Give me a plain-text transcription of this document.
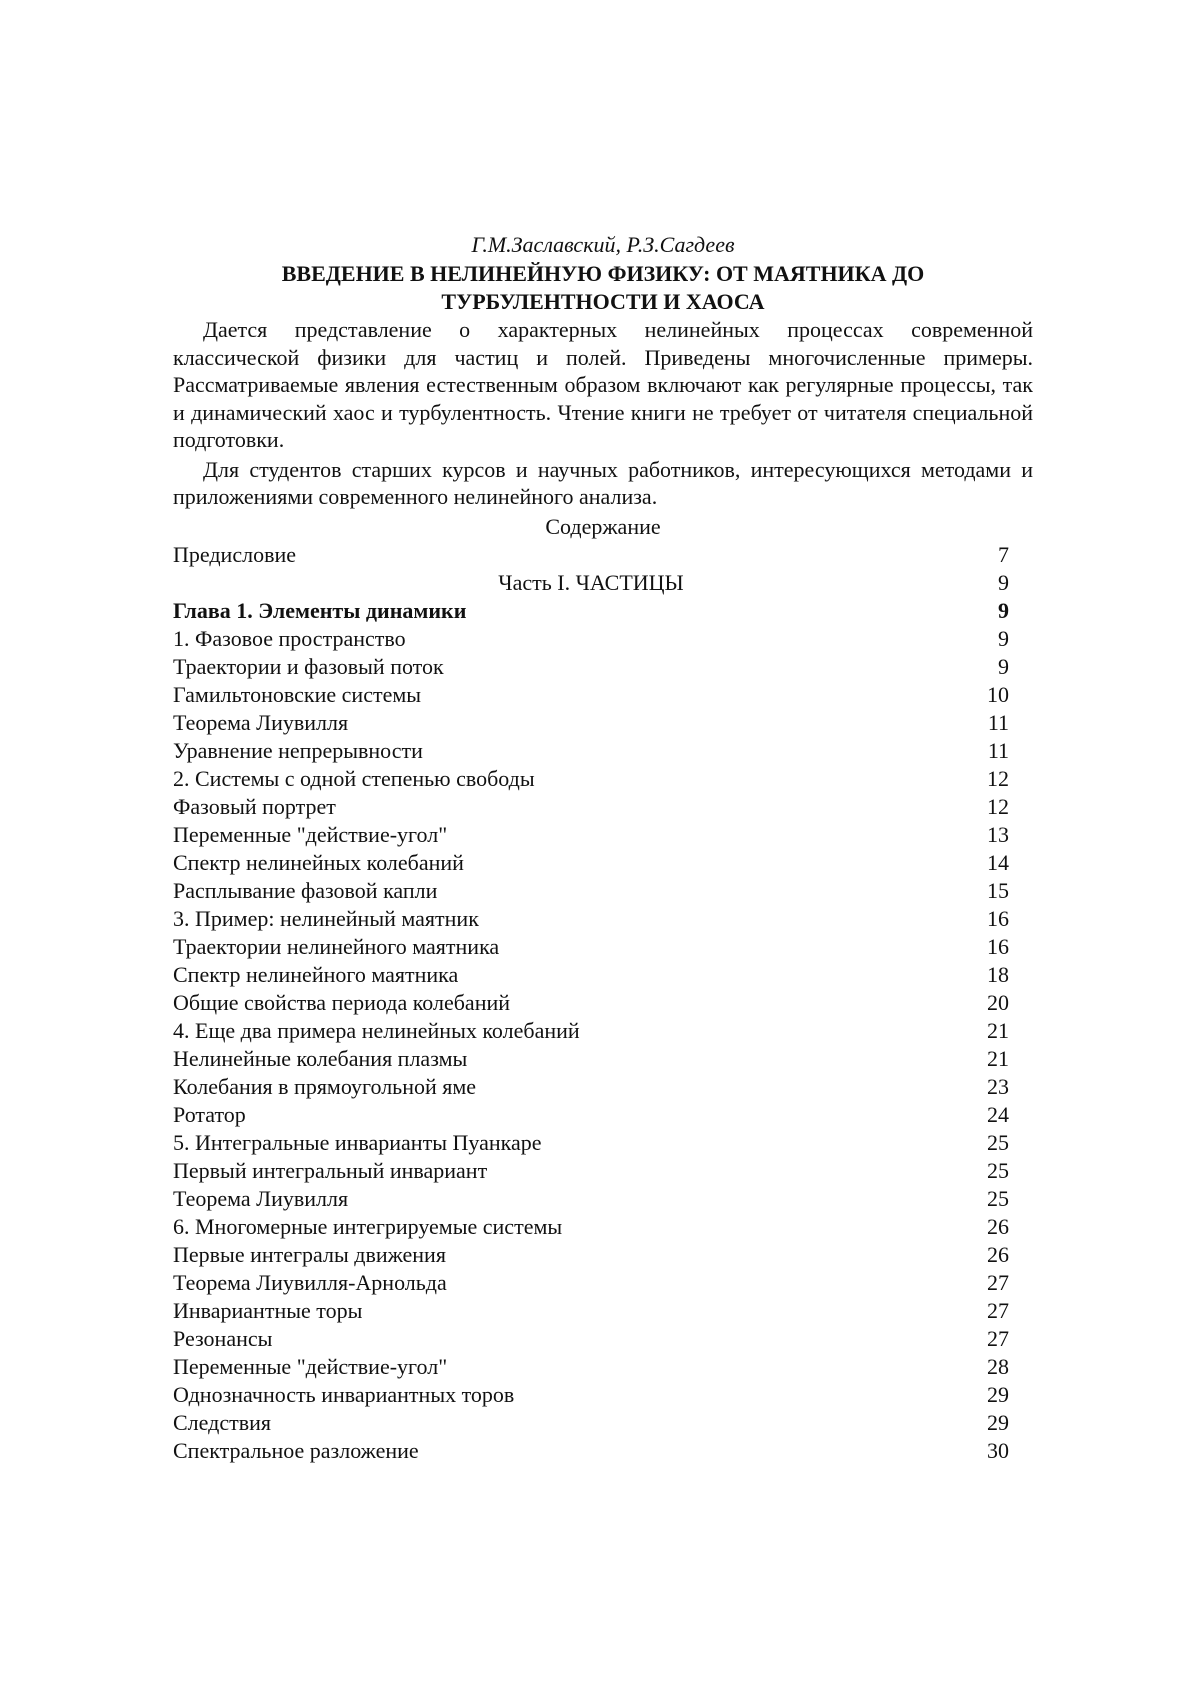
Г.М.Заславский, Р.З.Сагдеев

ВВЕДЕНИЕ В НЕЛИНЕЙНУЮ ФИЗИКУ: ОТ МАЯТНИКА ДО
ТУРБУЛЕНТНОСТИ И ХАОСА

Дается представление о характерных нелинейных процессах современной классической физики для частиц и полей. Приведены многочисленные примеры. Рассматриваемые явления естественным образом включают как регулярные процессы, так и динамический хаос и турбулентность. Чтение книги не требует от читателя специальной подготовки.

Для студентов старших курсов и научных работников, интересующихся методами и приложениями современного нелинейного анализа.

Содержание
Предисловие	7
Часть I. ЧАСТИЦЫ	9
Глава 1. Элементы динамики	9
1. Фазовое пространство	9
Траектории и фазовый поток	9
Гамильтоновские системы	10
Теорема Лиувилля	11
Уравнение непрерывности	11
2. Системы с одной степенью свободы	12
Фазовый портрет	12
Переменные "действие-угол"	13
Спектр нелинейных колебаний	14
Расплывание фазовой капли	15
3. Пример: нелинейный маятник	16
Траектории нелинейного маятника	16
Спектр нелинейного маятника	18
Общие свойства периода колебаний	20
4. Еще два примера нелинейных колебаний	21
Нелинейные колебания плазмы	21
Колебания в прямоугольной яме	23
Ротатор	24
5. Интегральные инварианты Пуанкаре	25
Первый интегральный инвариант	25
Теорема Лиувилля	25
6. Многомерные интегрируемые системы	26
Первые интегралы движения	26
Теорема Лиувилля-Арнольда	27
Инвариантные торы	27
Резонансы	27
Переменные "действие-угол"	28
Однозначность инвариантных торов	29
Следствия	29
Спектральное разложение	30
